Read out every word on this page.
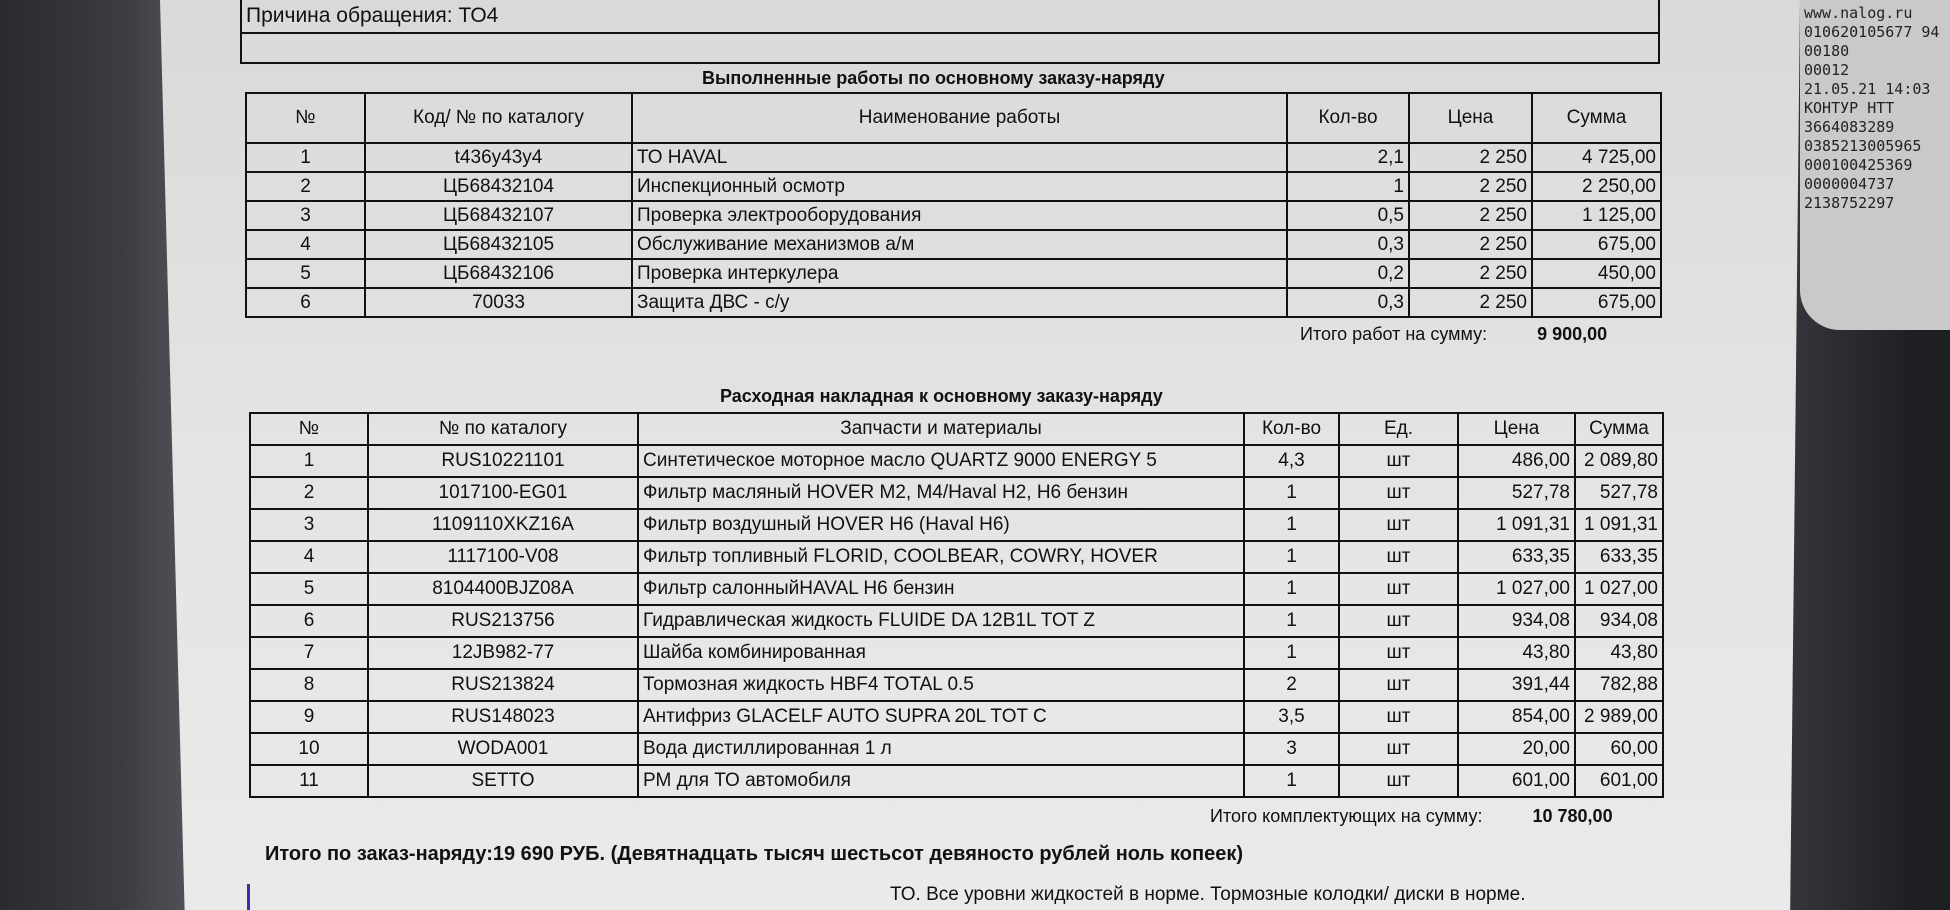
www.nalog.ru
010620105677 94
00180
00012
21.05.21 14:03
КОНТУР НТТ
3664083289
0385213005965
000100425369
0000004737
2138752297
Причина обращения: ТО4
Выполненные работы по основному заказу-наряду
№	Код/ № по каталогу	Наименование работы	Кол-во	Цена	Сумма
1	t436y43y4	ТО HAVAL	2,1	2 250	4 725,00
2	ЦБ68432104	Инспекционный осмотр	1	2 250	2 250,00
3	ЦБ68432107	Проверка электрооборудования	0,5	2 250	1 125,00
4	ЦБ68432105	Обслуживание механизмов а/м	0,3	2 250	675,00
5	ЦБ68432106	Проверка интеркулера	0,2	2 250	450,00
6	70033	Защита ДВС - с/у	0,3	2 250	675,00
Итого работ на сумму:	9 900,00
Расходная накладная к основному заказу-наряду
№	№ по каталогу	Запчасти и материалы	Кол-во	Ед.	Цена	Сумма
1	RUS10221101	Синтетическое моторное масло QUARTZ 9000 ENERGY 5	4,3	шт	486,00	2 089,80
2	1017100-EG01	Фильтр масляный HOVER M2, M4/Haval H2, H6 бензин	1	шт	527,78	527,78
3	1109110XKZ16A	Фильтр воздушный HOVER H6 (Haval H6)	1	шт	1 091,31	1 091,31
4	1117100-V08	Фильтр топливный FLORID, COOLBEAR, COWRY, HOVER	1	шт	633,35	633,35
5	8104400BJZ08A	Фильтр салонныйHAVAL H6 бензин	1	шт	1 027,00	1 027,00
6	RUS213756	Гидравлическая жидкость FLUIDE DA 12B1L TOT Z	1	шт	934,08	934,08
7	12JB982-77	Шайба комбинированная	1	шт	43,80	43,80
8	RUS213824	Тормозная жидкость HBF4 TOTAL 0.5	2	шт	391,44	782,88
9	RUS148023	Антифриз GLACELF AUTO SUPRA 20L TOT C	3,5	шт	854,00	2 989,00
10	WODA001	Вода дистиллированная 1 л	3	шт	20,00	60,00
11	SETTO	РМ для ТО автомобиля	1	шт	601,00	601,00
Итого комплектующих на сумму:	10 780,00
Итого по заказ-наряду:19 690 РУБ. (Девятнадцать тысяч шестьсот девяносто рублей ноль копеек)
ТО. Все уровни жидкостей в норме. Тормозные колодки/ диски в норме.
